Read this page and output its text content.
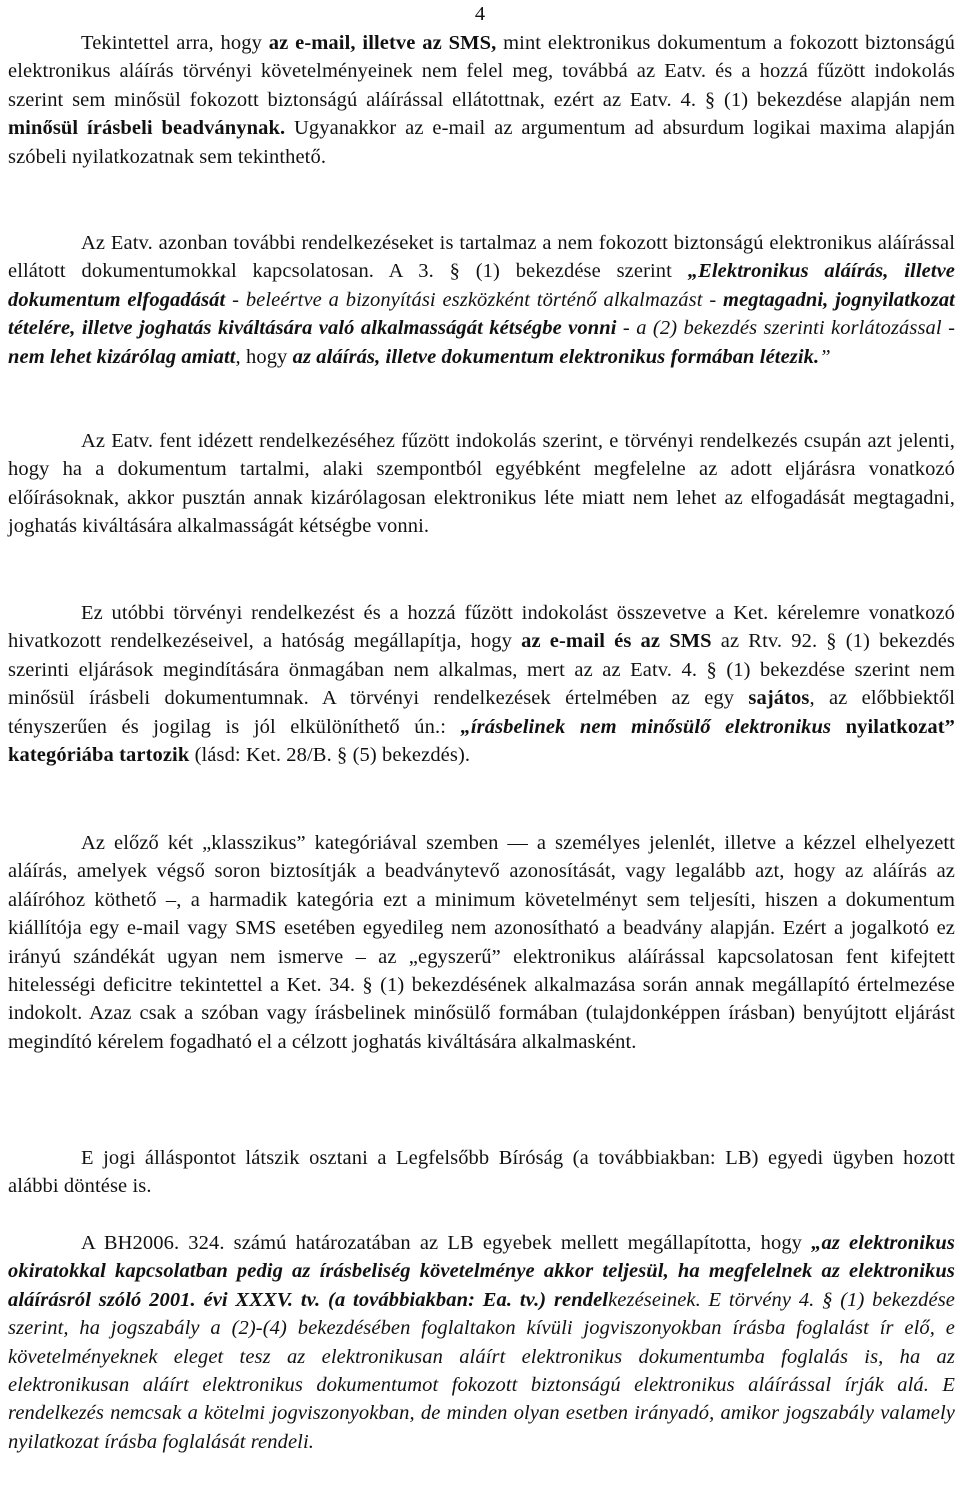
4

Tekintettel arra, hogy az e-mail, illetve az SMS, mint elektronikus dokumentum a fokozott biztonságú elektronikus aláírás törvényi követelményeinek nem felel meg, továbbá az Eatv. és a hozzá fűzött indokolás szerint sem minősül fokozott biztonságú aláírással ellátottnak, ezért az Eatv. 4. § (1) bekezdése alapján nem minősül írásbeli beadványnak. Ugyanakkor az e-mail az argumentum ad absurdum logikai maxima alapján szóbeli nyilatkozatnak sem tekinthető.

Az Eatv. azonban további rendelkezéseket is tartalmaz a nem fokozott biztonságú elektronikus aláírással ellátott dokumentumokkal kapcsolatosan. A 3. § (1) bekezdése szerint „Elektronikus aláírás, illetve dokumentum elfogadását - beleértve a bizonyítási eszközként történő alkalmazást - megtagadni, jognyilatkozat tételére, illetve joghatás kiváltására való alkalmasságát kétségbe vonni - a (2) bekezdés szerinti korlátozással - nem lehet kizárólag amiatt, hogy az aláírás, illetve dokumentum elektronikus formában létezik.”

Az Eatv. fent idézett rendelkezéséhez fűzött indokolás szerint, e törvényi rendelkezés csupán azt jelenti, hogy ha a dokumentum tartalmi, alaki szempontból egyébként megfelelne az adott eljárásra vonatkozó előírásoknak, akkor pusztán annak kizárólagosan elektronikus léte miatt nem lehet az elfogadását megtagadni, joghatás kiváltására alkalmasságát kétségbe vonni.

Ez utóbbi törvényi rendelkezést és a hozzá fűzött indokolást összevetve a Ket. kérelemre vonatkozó hivatkozott rendelkezéseivel, a hatóság megállapítja, hogy az e-mail és az SMS az Rtv. 92. § (1) bekezdés szerinti eljárások megindítására önmagában nem alkalmas, mert az az Eatv. 4. § (1) bekezdése szerint nem minősül írásbeli dokumentumnak. A törvényi rendelkezések értelmében az egy sajátos, az előbbiektől tényszerűen és jogilag is jól elkülöníthető ún.: „írásbelinek nem minősülő elektronikus nyilatkozat” kategóriába tartozik (lásd: Ket. 28/B. § (5) bekezdés).

Az előző két „klasszikus” kategóriával szemben — a személyes jelenlét, illetve a kézzel elhelyezett aláírás, amelyek végső soron biztosítják a beadványtevő azonosítását, vagy legalább azt, hogy az aláírás az aláíróhoz köthető –, a harmadik kategória ezt a minimum követelményt sem teljesíti, hiszen a dokumentum kiállítója egy e-mail vagy SMS esetében egyedileg nem azonosítható a beadvány alapján. Ezért a jogalkotó ez irányú szándékát ugyan nem ismerve – az „egyszerű” elektronikus aláírással kapcsolatosan fent kifejtett hitelességi deficitre tekintettel a Ket. 34. § (1) bekezdésének alkalmazása során annak megállapító értelmezése indokolt. Azaz csak a szóban vagy írásbelinek minősülő formában (tulajdonképpen írásban) benyújtott eljárást megindító kérelem fogadható el a célzott joghatás kiváltására alkalmasként.

E jogi álláspontot látszik osztani a Legfelsőbb Bíróság (a továbbiakban: LB) egyedi ügyben hozott alábbi döntése is.

A BH2006. 324. számú határozatában az LB egyebek mellett megállapította, hogy „az elektronikus okiratokkal kapcsolatban pedig az írásbeliség követelménye akkor teljesül, ha megfelelnek az elektronikus aláírásról szóló 2001. évi XXXV. tv. (a továbbiakban: Ea. tv.) rendelkezéseinek. E törvény 4. § (1) bekezdése szerint, ha jogszabály a (2)-(4) bekezdésében foglaltakon kívüli jogviszonyokban írásba foglalást ír elő, e követelményeknek eleget tesz az elektronikusan aláírt elektronikus dokumentumba foglalás is, ha az elektronikusan aláírt elektronikus dokumentumot fokozott biztonságú elektronikus aláírással írják alá. E rendelkezés nemcsak a kötelmi jogviszonyokban, de minden olyan esetben irányadó, amikor jogszabály valamely nyilatkozat írásba foglalását rendeli.
